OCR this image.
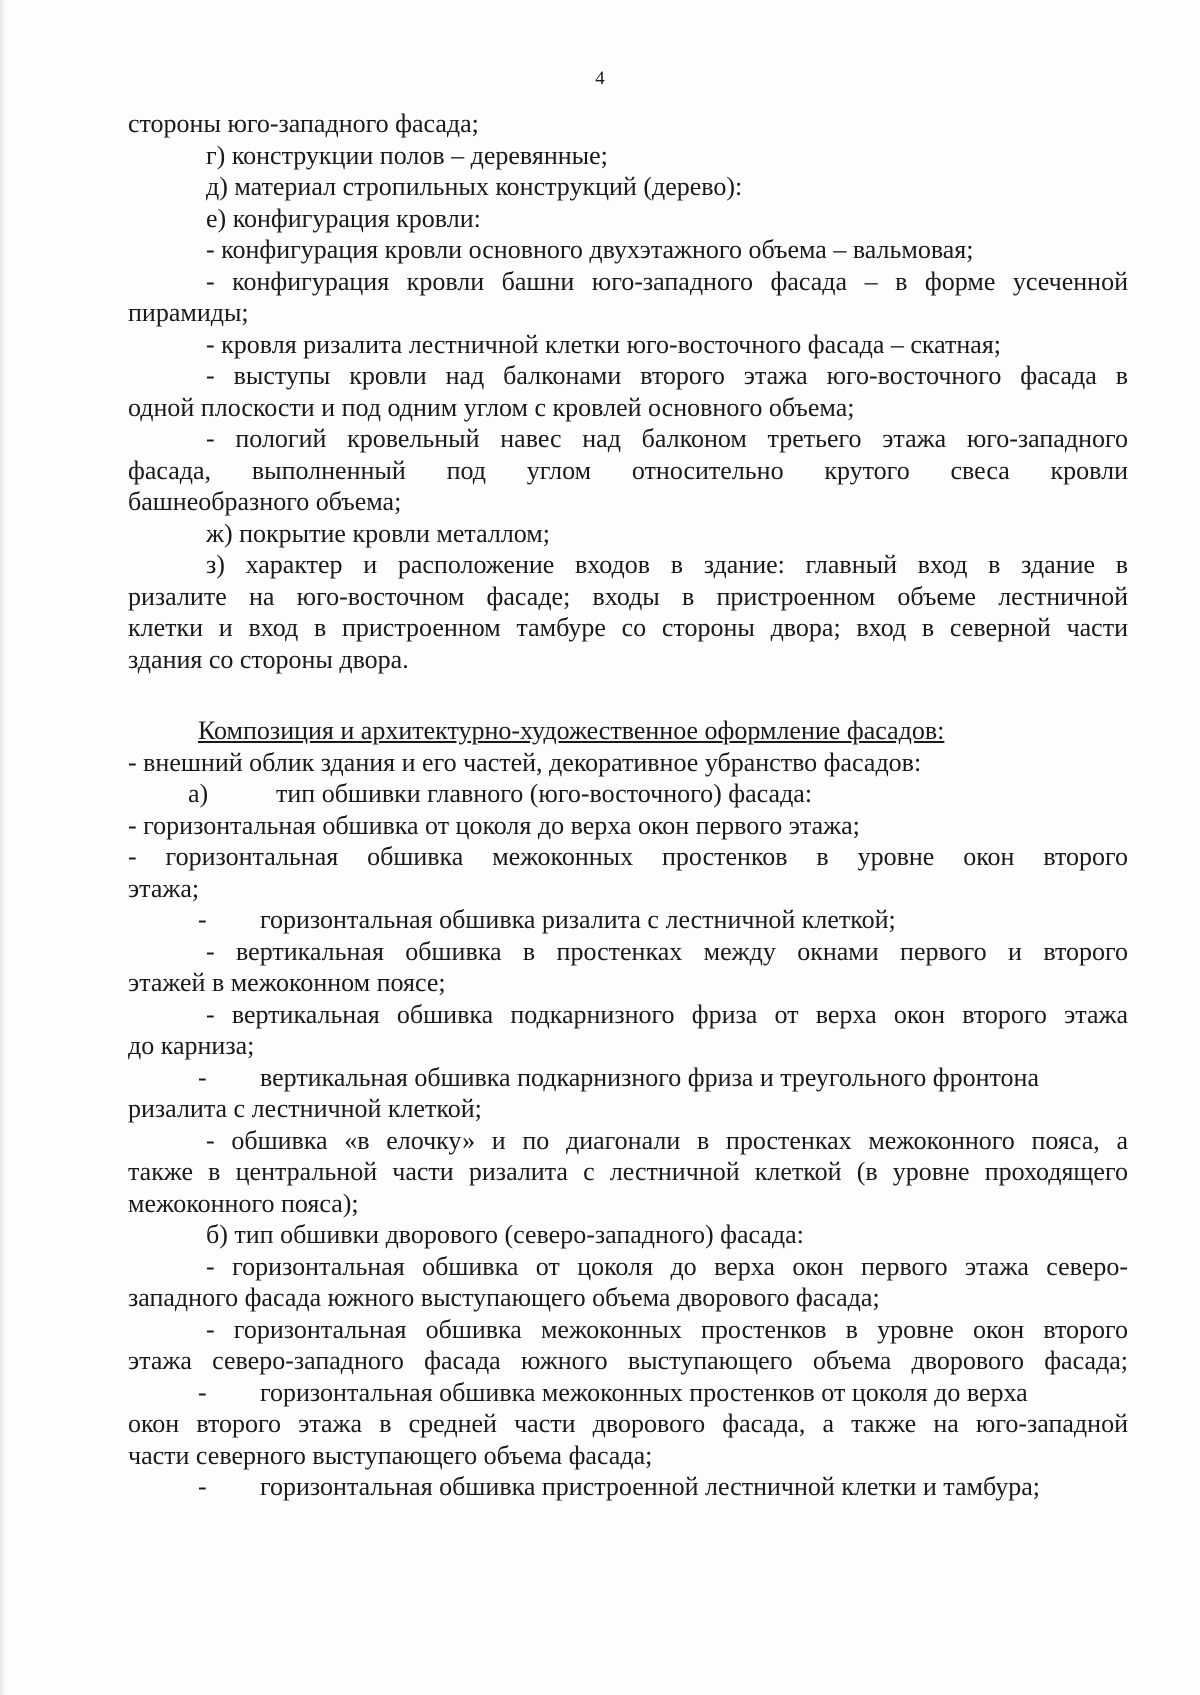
4
стороны юго-западного фасада;
г) конструкции полов – деревянные;
д) материал стропильных конструкций (дерево):
е) конфигурация кровли:
- конфигурация кровли основного двухэтажного объема – вальмовая;
- конфигурация кровли башни юго-западного фасада – в форме усеченной
пирамиды;
- кровля ризалита лестничной клетки юго-восточного фасада – скатная;
- выступы кровли над балконами второго этажа юго-восточного фасада в
одной плоскости и под одним углом с кровлей основного объема;
- пологий кровельный навес над балконом третьего этажа юго-западного
фасада, выполненный под углом относительно крутого свеса кровли
башнеобразного объема;
ж) покрытие кровли металлом;
з) характер и расположение входов в здание: главный вход в здание в
ризалите на юго-восточном фасаде; входы в пристроенном объеме лестничной
клетки и вход в пристроенном тамбуре со стороны двора; вход в северной части
здания со стороны двора.
Композиция и архитектурно-художественное оформление фасадов:
- внешний облик здания и его частей, декоративное убранство фасадов:
а)	тип обшивки главного (юго-восточного) фасада:
- горизонтальная обшивка от цоколя до верха окон первого этажа;
- горизонтальная обшивка межоконных простенков в уровне окон второго
этажа;
- горизонтальная обшивка ризалита с лестничной клеткой;
- вертикальная обшивка в простенках между окнами первого и второго
этажей в межоконном поясе;
- вертикальная обшивка подкарнизного фриза от верха окон второго этажа
до карниза;
- вертикальная обшивка подкарнизного фриза и треугольного фронтона
ризалита с лестничной клеткой;
- обшивка «в елочку» и по диагонали в простенках межоконного пояса, а
также в центральной части ризалита с лестничной клеткой (в уровне проходящего
межоконного пояса);
б) тип обшивки дворового (северо-западного) фасада:
- горизонтальная обшивка от цоколя до верха окон первого этажа северо-
западного фасада южного выступающего объема дворового фасада;
- горизонтальная обшивка межоконных простенков в уровне окон второго
этажа северо-западного фасада южного выступающего объема дворового фасада;
- горизонтальная обшивка межоконных простенков от цоколя до верха
окон второго этажа в средней части дворового фасада, а также на юго-западной
части северного выступающего объема фасада;
- горизонтальная обшивка пристроенной лестничной клетки и тамбура;
